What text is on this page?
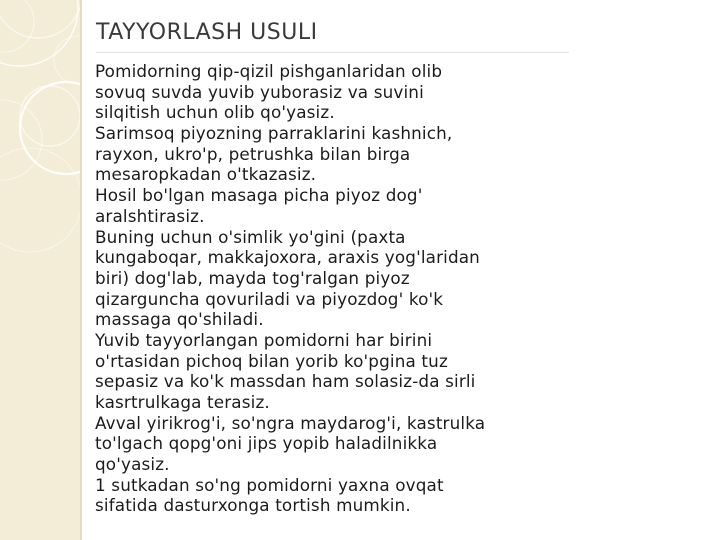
TAYYORLASH USULI
Pomidorning qip-qizil pishganlaridan olib
sovuq suvda yuvib yuborasiz va suvini
silqitish uchun olib qo'yasiz.
Sarimsoq piyozning parraklarini kashnich,
rayxon, ukro'p, petrushka bilan birga
mesaropkadan o'tkazasiz.
Hosil bo'lgan masaga picha piyoz dog'
aralshtirasiz.
Buning uchun o'simlik yo'gini (paxta
kungaboqar, makkajoxora, araxis yog'laridan
biri) dog'lab, mayda tog'ralgan piyoz
qizarguncha qovuriladi va piyozdog' ko'k
massaga qo'shiladi.
Yuvib tayyorlangan pomidorni har birini
o'rtasidan pichoq bilan yorib ko'pgina tuz
sepasiz va ko'k massdan ham solasiz-da sirli
kasrtrulkaga terasiz.
Avval yirikrog'i, so'ngra maydarog'i, kastrulka
to'lgach qopg'oni jips yopib haladilnikka
qo'yasiz.
1 sutkadan so'ng pomidorni yaxna ovqat
sifatida dasturxonga tortish mumkin.
